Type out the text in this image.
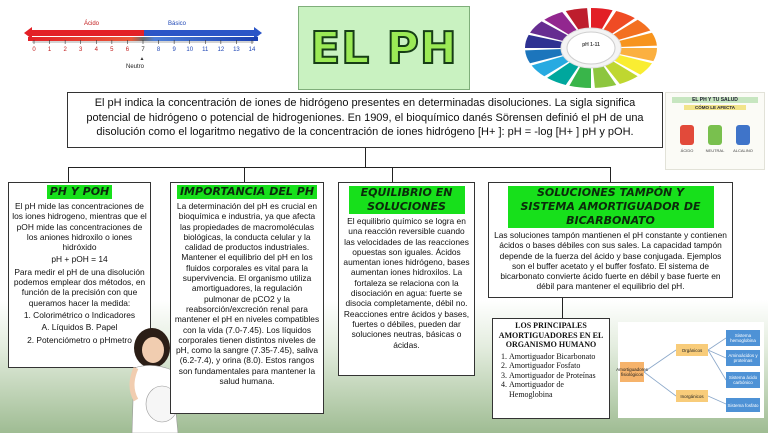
0 1 2 3 4 5 6 7 8 9 10 11 12 13 14
▲
Ácido	Básico
Neutro	EL PH	pH 1-11
El pH indica la concentración de iones de hidrógeno presentes en determinadas disoluciones. La sigla significa potencial de hidrógeno o potencial de hidrogeniones. En 1909, el bioquímico danés Sörensen definió el pH de una disolución como el logaritmo negativo de la concentración de iones hidrógeno [H+ ]: pH = -log [H+ ] pH y pOH.
EL PH Y TU SALUD
CÓMO LE AFECTA
ÁCIDO	NEUTRAL	ALCALINO
PH Y POH

El pH mide las concentraciones de los iones hidrogeno, mientras que el pOH mide las concentraciones de los aniones hidroxilo o iones hidróxido

pH + pOH = 14

Para medir el pH de una disolución podemos emplear dos métodos, en función de la precisión con que queramos hacer la medida:

1. Colorimétrico o Indicadores

A. Líquidos B. Papel

2. Potenciómetro o pHmetro

IMPORTANCIA DEL PH

La determinación del pH es crucial en bioquímica e industria, ya que afecta las propiedades de macromoléculas biológicas, la conducta celular y la calidad de productos industriales. Mantener el equilibrio del pH en los fluidos corporales es vital para la supervivencia. El organismo utiliza amortiguadores, la regulación pulmonar de pCO2 y la reabsorción/excreción renal para mantener el pH en niveles compatibles con la vida (7.0-7.45). Los líquidos corporales tienen distintos niveles de pH, como la sangre (7.35-7.45), saliva (6.2-7.4), y orina (8.0). Estos rangos son fundamentales para mantener la salud humana.

EQUILIBRIO EN SOLUCIONES

El equilibrio químico se logra en una reacción reversible cuando las velocidades de las reacciones opuestas son iguales. Ácidos aumentan iones hidrógeno, bases aumentan iones hidroxilos. La fortaleza se relaciona con la disociación en agua: fuerte se disocia completamente, débil no. Reacciones entre ácidos y bases, fuertes o débiles, pueden dar soluciones neutras, básicas o ácidas.

SOLUCIONES TAMPÓN Y SISTEMA AMORTIGUADOR DE BICARBONATO

Las soluciones tampón mantienen el pH constante y contienen ácidos o bases débiles con sus sales. La capacidad tampón depende de la fuerza del ácido y base conjugada. Ejemplos son el buffer acetato y el buffer fosfato. El sistema de bicarbonato convierte ácido fuerte en débil y base fuerte en débil para mantener el equilibrio del pH.

LOS PRINCIPALES AMORTIGUADORES EN EL ORGANISMO HUMANO
1. Amortiguador Bicarbonato
2. Amortiguador Fosfato
3. Amortiguador de Proteínas
4. Amortiguador de Hemoglobina
Amortiguadores fisiológicos
Orgánicos
Inorgánicos
Sistema hemoglobina
Aminoácidos y proteínas
Sistema ácido carbónico
Sistema fosfato
